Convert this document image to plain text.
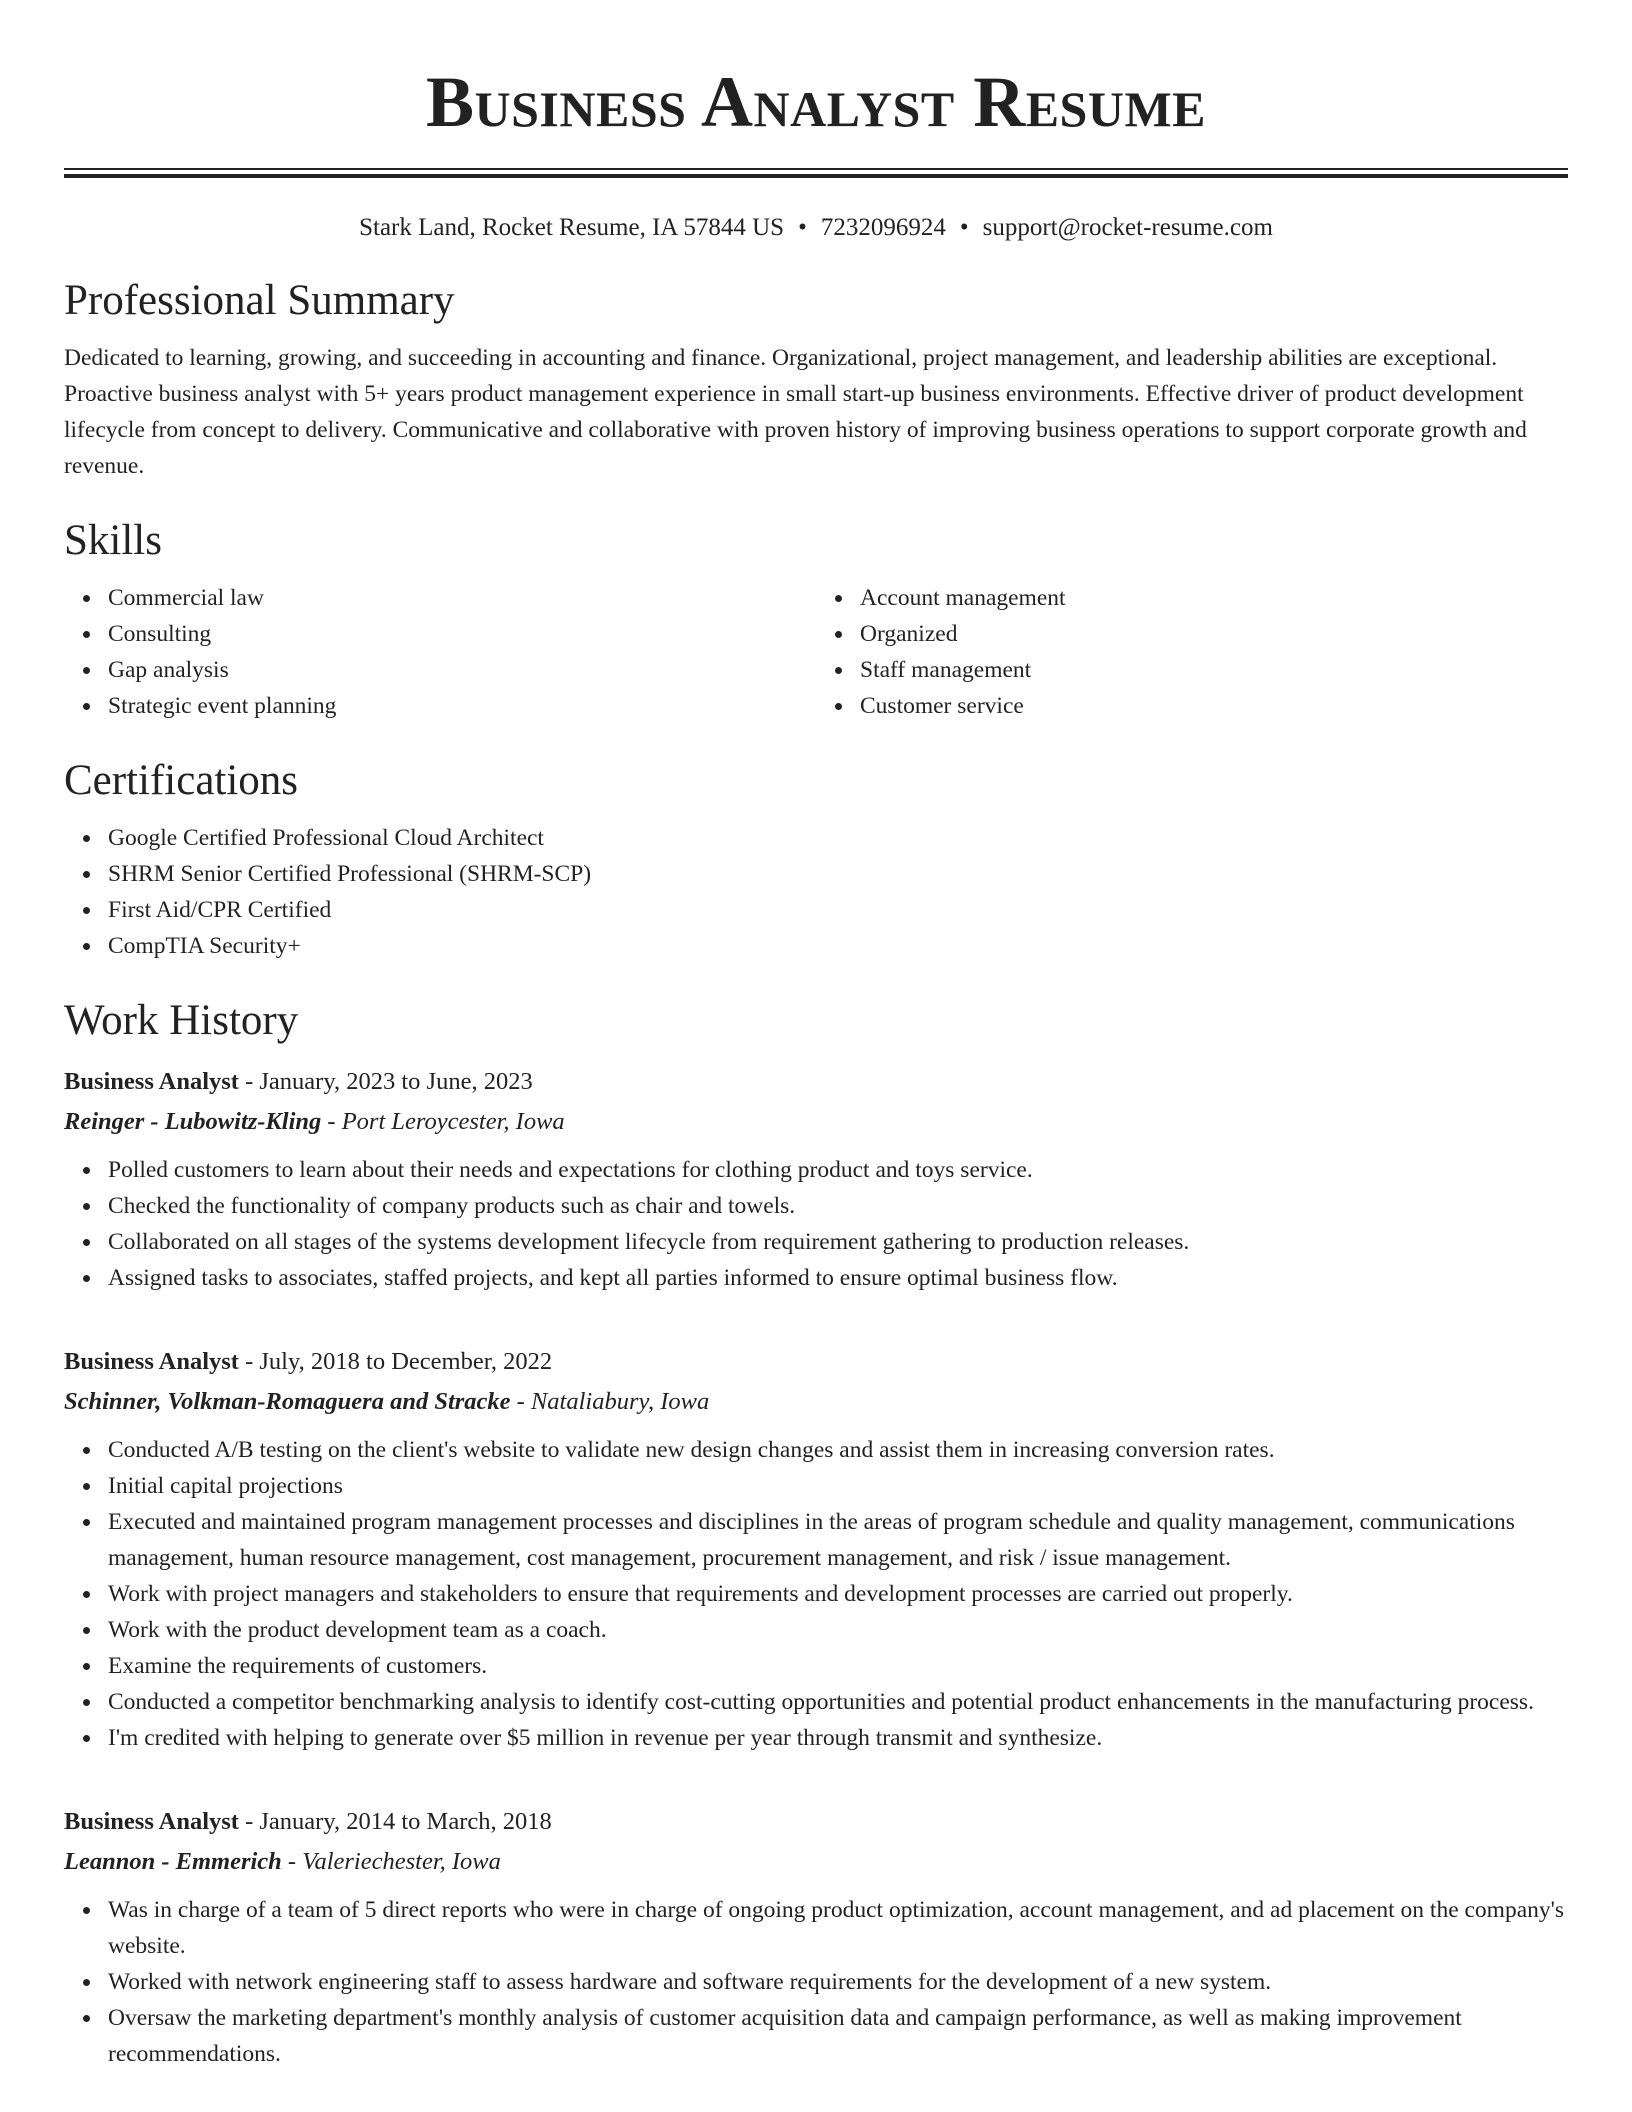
Business Analyst Resume
Stark Land, Rocket Resume, IA 57844 US • 7232096924 • support@rocket-resume.com
Professional Summary

Dedicated to learning, growing, and succeeding in accounting and finance. Organizational, project management, and leadership abilities are exceptional. Proactive business analyst with 5+ years product management experience in small start-up business environments. Effective driver of product development lifecycle from concept to delivery. Communicative and collaborative with proven history of improving business operations to support corporate growth and revenue.

Skills
Commercial law
Consulting
Gap analysis
Strategic event planning
Account management
Organized
Staff management
Customer service
Certifications
Google Certified Professional Cloud Architect
SHRM Senior Certified Professional (SHRM-SCP)
First Aid/CPR Certified
CompTIA Security+
Work History
Business Analyst - January, 2023 to June, 2023
Reinger - Lubowitz-Kling - Port Leroycester, Iowa
Polled customers to learn about their needs and expectations for clothing product and toys service.
Checked the functionality of company products such as chair and towels.
Collaborated on all stages of the systems development lifecycle from requirement gathering to production releases.
Assigned tasks to associates, staffed projects, and kept all parties informed to ensure optimal business flow.
Business Analyst - July, 2018 to December, 2022
Schinner, Volkman-Romaguera and Stracke - Nataliabury, Iowa
Conducted A/B testing on the client's website to validate new design changes and assist them in increasing conversion rates.
Initial capital projections
Executed and maintained program management processes and disciplines in the areas of program schedule and quality management, communications management, human resource management, cost management, procurement management, and risk / issue management.
Work with project managers and stakeholders to ensure that requirements and development processes are carried out properly.
Work with the product development team as a coach.
Examine the requirements of customers.
Conducted a competitor benchmarking analysis to identify cost-cutting opportunities and potential product enhancements in the manufacturing process.
I'm credited with helping to generate over $5 million in revenue per year through transmit and synthesize.
Business Analyst - January, 2014 to March, 2018
Leannon - Emmerich - Valeriechester, Iowa
Was in charge of a team of 5 direct reports who were in charge of ongoing product optimization, account management, and ad placement on the company's website.
Worked with network engineering staff to assess hardware and software requirements for the development of a new system.
Oversaw the marketing department's monthly analysis of customer acquisition data and campaign performance, as well as making improvement recommendations.
